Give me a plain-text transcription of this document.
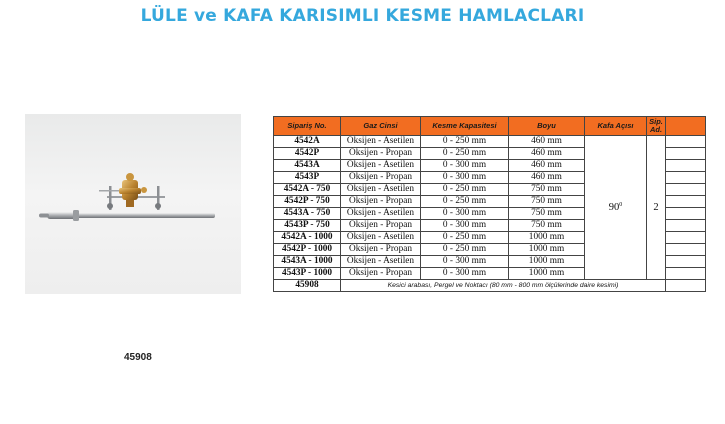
LÜLE ve KAFA KARISIMLI KESME HAMLACLARI
45908
Sipariş No.	Gaz Cinsi	Kesme Kapasitesi	Boyu	Kafa Açısı	Sip. Ad.	
4542A	Oksijen - Asetilen	0 - 250 mm	460 mm	$90^0$	2	
4542P	Oksijen - Propan	0 - 250 mm	460 mm			
4543A	Oksijen - Asetilen	0 - 300 mm	460 mm			
4543P	Oksijen - Propan	0 - 300 mm	460 mm			
4542A - 750	Oksijen - Asetilen	0 - 250 mm	750 mm			
4542P - 750	Oksijen - Propan	0 - 250 mm	750 mm			
4543A - 750	Oksijen - Asetilen	0 - 300 mm	750 mm			
4543P - 750	Oksijen - Propan	0 - 300 mm	750 mm			
4542A - 1000	Oksijen - Asetilen	0 - 250 mm	1000 mm			
4542P - 1000	Oksijen - Propan	0 - 250 mm	1000 mm			
4543A - 1000	Oksijen - Asetilen	0 - 300 mm	1000 mm			
4543P - 1000	Oksijen - Propan	0 - 300 mm	1000 mm			
45908	Kesici arabası, Pergel ve Noktacı (80 mm - 800 mm ölçülerinde daire kesimi)					
